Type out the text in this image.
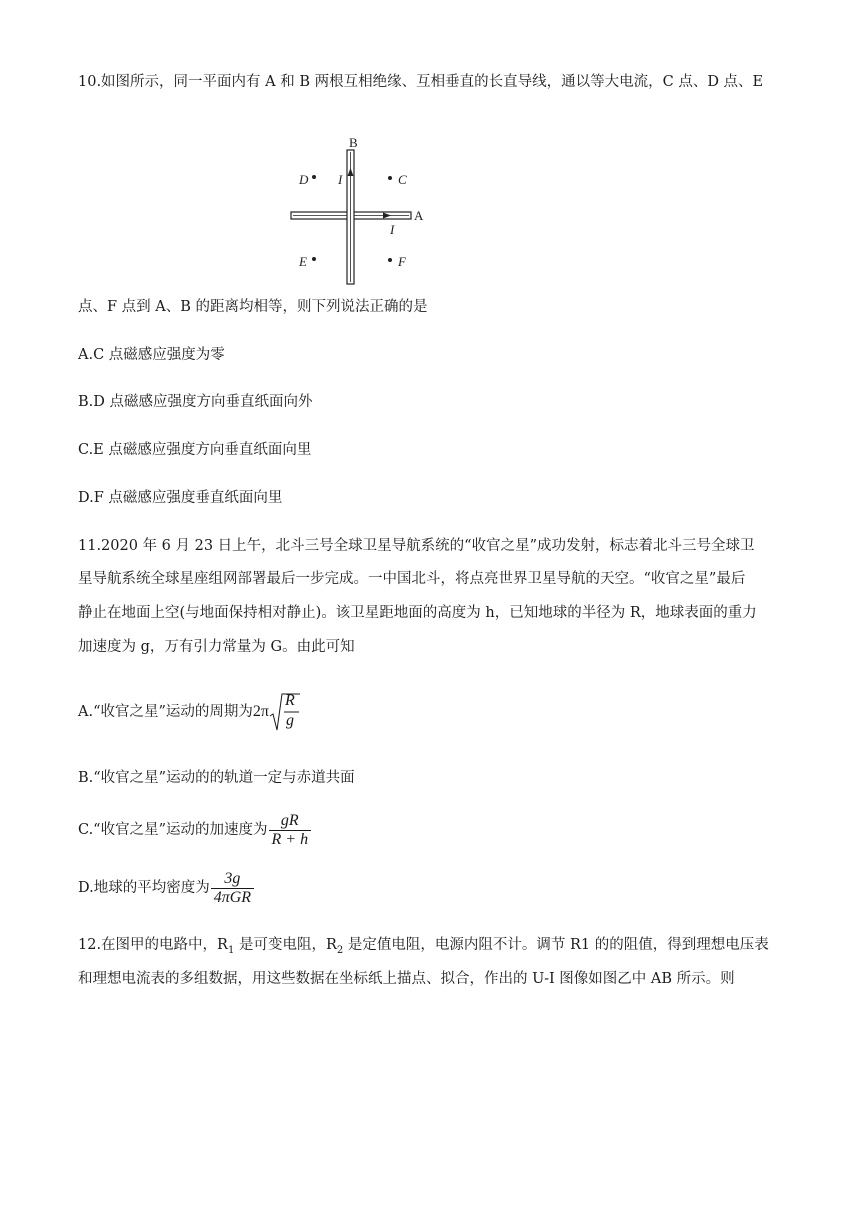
10.如图所示，同一平面内有 A 和 B 两根互相绝缘、互相垂直的长直导线，通以等大电流，C 点、D 点、E
B
A
I
I
D	C
E	F
点、F 点到 A、B 的距离均相等，则下列说法正确的是
A.C 点磁感应强度为零
B.D 点磁感应强度方向垂直纸面向外
C.E 点磁感应强度方向垂直纸面向里
D.F 点磁感应强度垂直纸面向里
11.2020 年 6 月 23 日上午，北斗三号全球卫星导航系统的“收官之星”成功发射，标志着北斗三号全球卫
星导航系统全球星座组网部署最后一步完成。一中国北斗，将点亮世界卫星导航的天空。“收官之星”最后
静止在地面上空(与地面保持相对静止)。该卫星距地面的高度为 h，已知地球的半径为 R，地球表面的重力
加速度为 g，万有引力常量为 G。由此可知
A.“收官之星”运动的周期为2π
R
g
B.“收官之星”运动的的轨道一定与赤道共面
C.“收官之星”运动的加速度为 $\frac{gR}{R + h}$
D.地球的平均密度为 $\frac{3g}{\text{4πGR}}$
12.在图甲的电路中，$R_1$ 是可变电阻，$R_2$ 是定值电阻，电源内阻不计。调节 R1 的的阻值，得到理想电压表
和理想电流表的多组数据，用这些数据在坐标纸上描点、拟合，作出的 U-I 图像如图乙中 AB 所示。则
